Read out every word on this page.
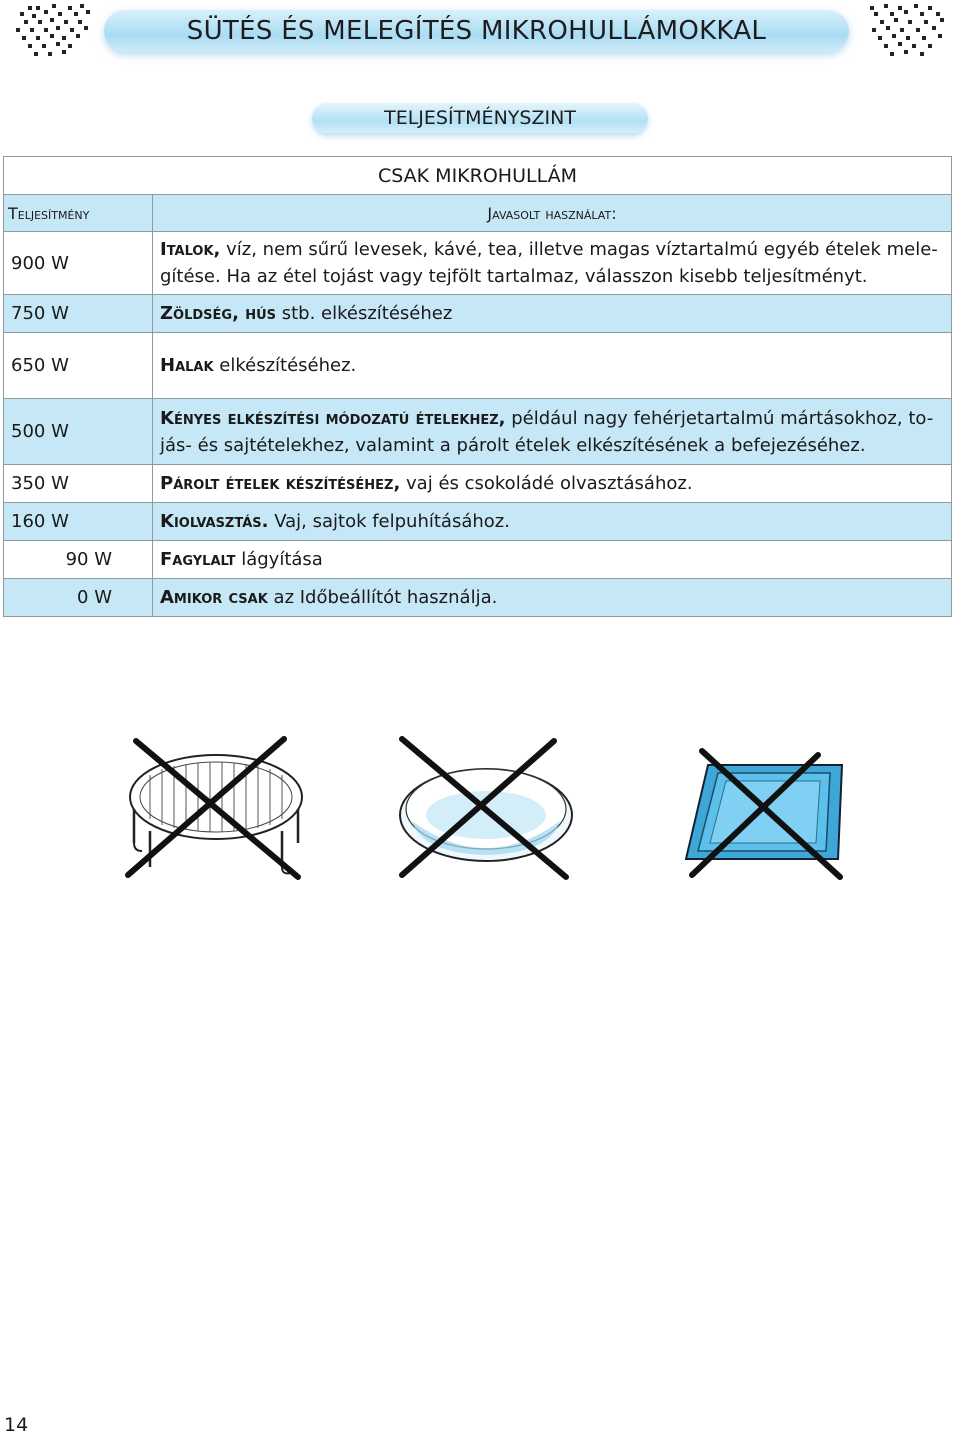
SÜTÉS ÉS MELEGÍTÉS MIKROHULLÁMOKKAL
TELJESÍTMÉNYSZINT
CSAK MIKROHULLÁM	
Teljesítmény	Javasolt használat:
900 W	Italok, víz, nem sűrű levesek, kávé, tea, illetve magas víztartalmú egyéb ételek mele-gítése. Ha az étel tojást vagy tejfölt tartalmaz, válasszon kisebb teljesítményt.
750 W	Zöldség, hús stb. elkészítéséhez
650 W	Halak elkészítéséhez.
500 W	Kényes elkészítési módozatú ételekhez, például nagy fehérjetartalmú mártásokhoz, to-jás- és sajtételekhez, valamint a párolt ételek elkészítésének a befejezéséhez.
350 W	Párolt ételek készítéséhez, vaj és csokoládé olvasztásához.
160 W	Kiolvasztás. Vaj, sajtok felpuhításához.
90 W	Fagylalt lágyítása
0 W	Amikor csak az Időbeállítót használja.
14
